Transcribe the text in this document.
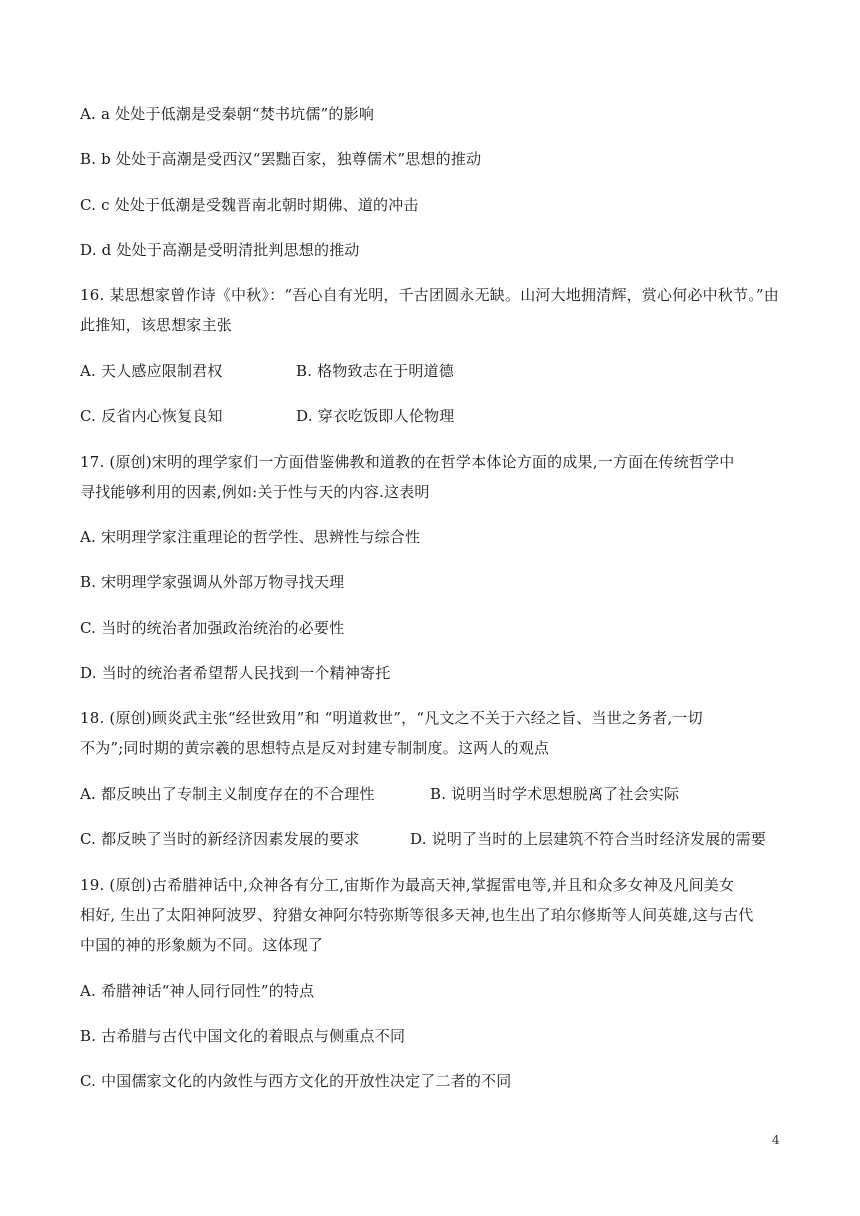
A. a 处处于低潮是受秦朝“焚书坑儒”的影响
B. b 处处于高潮是受西汉“罢黜百家，独尊儒术”思想的推动
C. c 处处于低潮是受魏晋南北朝时期佛、道的冲击
D. d 处处于高潮是受明清批判思想的推动
16. 某思想家曾作诗《中秋》：“吾心自有光明，千古团圆永无缺。山河大地拥清辉，赏心何必中秋节。”由
此推知，该思想家主张
A. 天人感应限制君权	B. 格物致志在于明道德
C. 反省内心恢复良知	D. 穿衣吃饭即人伦物理
17. (原创)宋明的理学家们一方面借鉴佛教和道教的在哲学本体论方面的成果,一方面在传统哲学中
寻找能够利用的因素,例如:关于性与天的内容.这表明
A. 宋明理学家注重理论的哲学性、思辨性与综合性
B. 宋明理学家强调从外部万物寻找天理
C. 当时的统治者加强政治统治的必要性
D. 当时的统治者希望帮人民找到一个精神寄托
18. (原创)顾炎武主张“经世致用”和 “明道救世”，“凡文之不关于六经之旨、当世之务者,一切
不为”;同时期的黄宗羲的思想特点是反对封建专制制度。这两人的观点
A. 都反映出了专制主义制度存在的不合理性	B. 说明当时学术思想脱离了社会实际
C. 都反映了当时的新经济因素发展的要求	D. 说明了当时的上层建筑不符合当时经济发展的需要
19. (原创)古希腊神话中,众神各有分工,宙斯作为最高天神,掌握雷电等,并且和众多女神及凡间美女
相好, 生出了太阳神阿波罗、狩猎女神阿尔特弥斯等很多天神,也生出了珀尔修斯等人间英雄,这与古代
中国的神的形象颇为不同。这体现了
A. 希腊神话“神人同行同性”的特点
B. 古希腊与古代中国文化的着眼点与侧重点不同
C. 中国儒家文化的内敛性与西方文化的开放性决定了二者的不同
4
